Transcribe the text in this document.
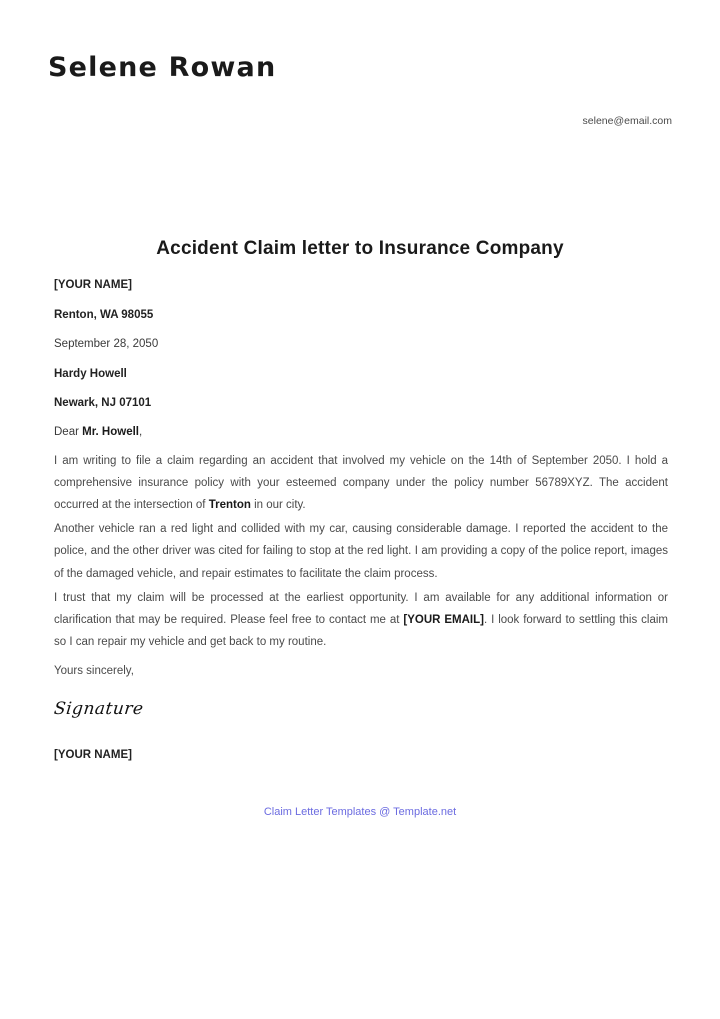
Selene Rowan
selene@email.com
Accident Claim letter to Insurance Company
[YOUR NAME]
Renton, WA 98055
September 28, 2050
Hardy Howell
Newark, NJ 07101
Dear Mr. Howell,

I am writing to file a claim regarding an accident that involved my vehicle on the 14th of September 2050. I hold a comprehensive insurance policy with your esteemed company under the policy number 56789XYZ. The accident occurred at the intersection of Trenton in our city.

Another vehicle ran a red light and collided with my car, causing considerable damage. I reported the accident to the police, and the other driver was cited for failing to stop at the red light. I am providing a copy of the police report, images of the damaged vehicle, and repair estimates to facilitate the claim process.

I trust that my claim will be processed at the earliest opportunity. I am available for any additional information or clarification that may be required. Please feel free to contact me at [YOUR EMAIL]. I look forward to settling this claim so I can repair my vehicle and get back to my routine.

Yours sincerely,

Signature
[YOUR NAME]
Claim Letter Templates @ Template.net
